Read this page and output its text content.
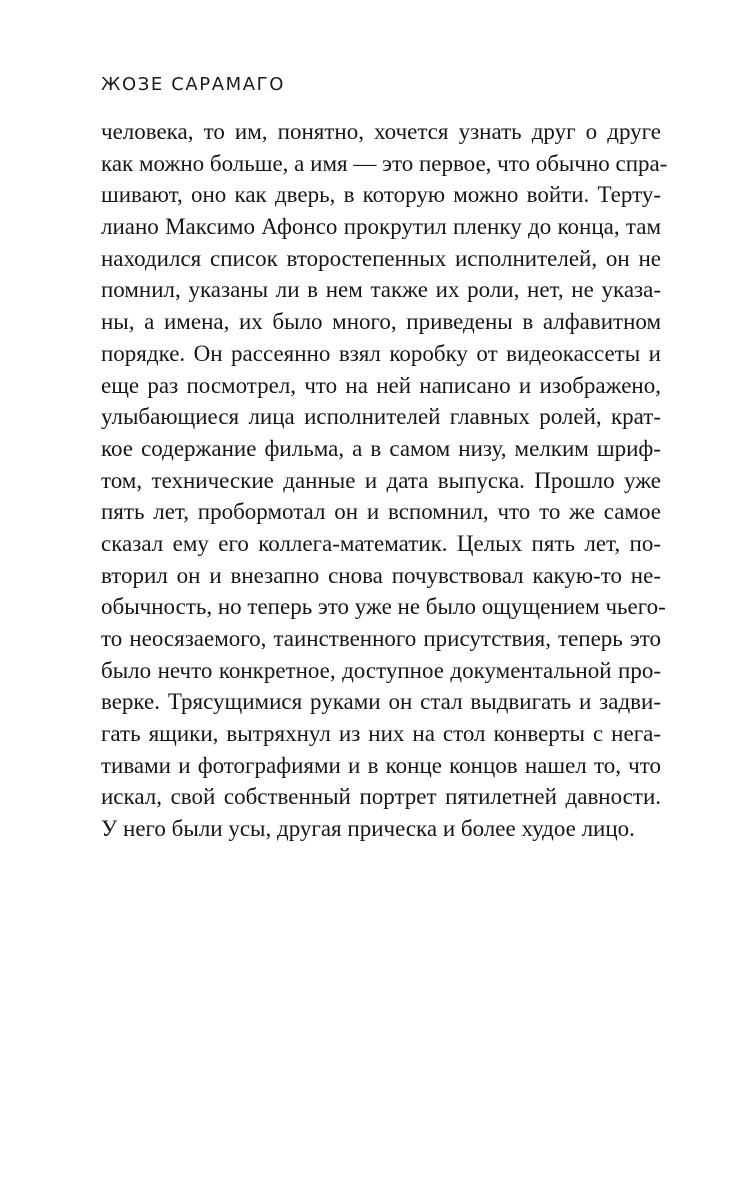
ЖОЗЕ САРАМАГО
человека, то им, понятно, хочется узнать друг о друге
как можно больше, а имя — это первое, что обычно спра-
шивают, оно как дверь, в которую можно войти. Терту-
лиано Максимо Афонсо прокрутил пленку до конца, там
находился список второстепенных исполнителей, он не
помнил, указаны ли в нем также их роли, нет, не указа-
ны, а имена, их было много, приведены в алфавитном
порядке. Он рассеянно взял коробку от видеокассеты и
еще раз посмотрел, что на ней написано и изображено,
улыбающиеся лица исполнителей главных ролей, крат-
кое содержание фильма, а в самом низу, мелким шриф-
том, технические данные и дата выпуска. Прошло уже
пять лет, пробормотал он и вспомнил, что то же самое
сказал ему его коллега-математик. Целых пять лет, по-
вторил он и внезапно снова почувствовал какую-то не-
обычность, но теперь это уже не было ощущением чьего-
то неосязаемого, таинственного присутствия, теперь это
было нечто конкретное, доступное документальной про-
верке. Трясущимися руками он стал выдвигать и задви-
гать ящики, вытряхнул из них на стол конверты с нега-
тивами и фотографиями и в конце концов нашел то, что
искал, свой собственный портрет пятилетней давности.
У него были усы, другая прическа и более худое лицо.
